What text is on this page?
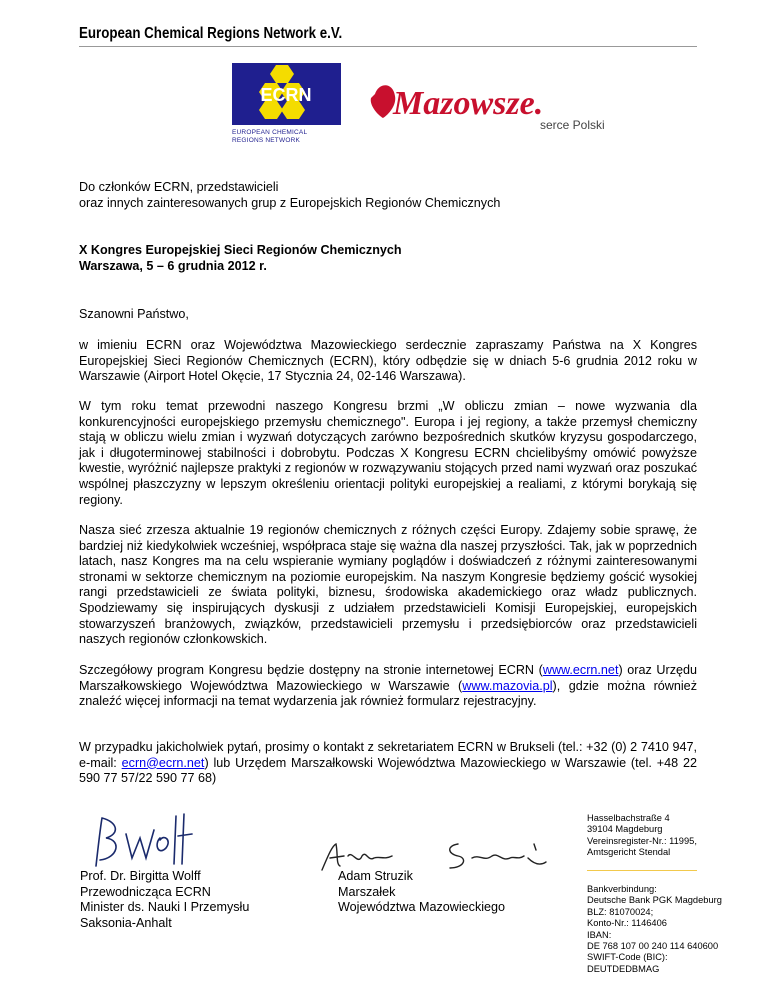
European Chemical Regions Network e.V.
ECRN
EUROPEAN CHEMICAL
REGIONS NETWORK
Mazowsze.
serce Polski
Do członków ECRN, przedstawicieli
oraz innych zainteresowanych grup z Europejskich Regionów Chemicznych
X Kongres Europejskiej Sieci Regionów Chemicznych
Warszawa, 5 – 6 grudnia 2012 r.
Szanowni Państwo,
w imieniu ECRN oraz Województwa Mazowieckiego serdecznie zapraszamy Państwa na X Kongres Europejskiej Sieci Regionów Chemicznych (ECRN), który odbędzie się w dniach 5-6 grudnia 2012 roku w Warszawie (Airport Hotel Okęcie, 17 Stycznia 24, 02-146 Warszawa).
W tym roku temat przewodni naszego Kongresu brzmi „W obliczu zmian – nowe wyzwania dla konkurencyjności europejskiego przemysłu chemicznego". Europa i jej regiony, a także przemysł chemiczny stają w obliczu wielu zmian i wyzwań dotyczących zarówno bezpośrednich skutków kryzysu gospodarczego, jak i długoterminowej stabilności i dobrobytu. Podczas X Kongresu ECRN chcielibyśmy omówić powyższe kwestie, wyróżnić najlepsze praktyki z regionów w rozwązywaniu stojących przed nami wyzwań oraz poszukać wspólnej płaszczyzny w lepszym określeniu orientacji polityki europejskiej a realiami, z którymi borykają się regiony.
Nasza sieć zrzesza aktualnie 19 regionów chemicznych z różnych części Europy. Zdajemy sobie sprawę, że bardziej niż kiedykolwiek wcześniej, współpraca staje się ważna dla naszej przyszłości. Tak, jak w poprzednich latach, nasz Kongres ma na celu wspieranie wymiany poglądów i doświadczeń z różnymi zainteresowanymi stronami w sektorze chemicznym na poziomie europejskim. Na naszym Kongresie będziemy gościć wysokiej rangi przedstawicieli ze świata polityki, biznesu, środowiska akademickiego oraz władz publicznych. Spodziewamy się inspirujących dyskusji z udziałem przedstawicieli Komisji Europejskiej, europejskich stowarzyszeń branżowych, związków, przedstawicieli przemysłu i przedsiębiorców oraz przedstawicieli naszych regionów członkowskich.
Szczegółowy program Kongresu będzie dostępny na stronie internetowej ECRN (www.ecrn.net) oraz Urzędu Marszałkowskiego Województwa Mazowieckiego w Warszawie (www.mazovia.pl), gdzie można również znaleźć więcej informacji na temat wydarzenia jak również formularz rejestracyjny.
W przypadku jakicholwiek pytań, prosimy o kontakt z sekretariatem ECRN w Brukseli (tel.: +32 (0) 2 7410 947, e-mail: ecrn@ecrn.net) lub Urzędem Marszałkowski Województwa Mazowieckiego w Warszawie (tel. +48 22 590 77 57/22 590 77 68)
Prof. Dr. Birgitta Wolff
Przewodnicząca ECRN
Minister ds. Nauki I Przemysłu
Saksonia-Anhalt
Adam Struzik
Marszałek
Województwa Mazowieckiego
Hasselbachstraße 4
39104 Magdeburg
Vereinsregister-Nr.: 11995,
Amtsgericht Stendal
Bankverbindung:
Deutsche Bank PGK Magdeburg
BLZ: 81070024;
Konto-Nr.: 1146406
IBAN:
DE 768 107 00 240 114 640600
SWIFT-Code (BIC):
DEUTDEDBMAG
